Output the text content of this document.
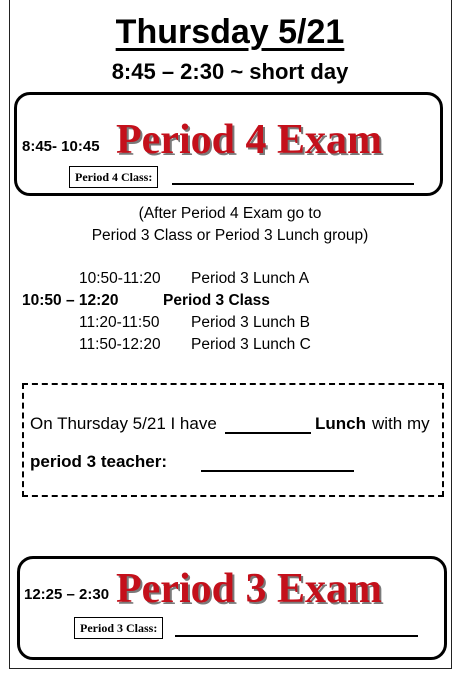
Thursday 5/21
8:45 – 2:30 ~ short day
8:45- 10:45 Period 4 Exam
Period 4 Class:
(After Period 4 Exam go to
Period 3 Class or Period 3 Lunch group)
10:50-11:20 Period 3 Lunch A
10:50 – 12:20	Period 3 Class
11:20-11:50 Period 3 Lunch B
11:50-12:20 Period 3 Lunch C
On Thursday 5/21 I have	Lunch with my
period 3 teacher:
12:25 – 2:30 Period 3 Exam
Period 3 Class:
